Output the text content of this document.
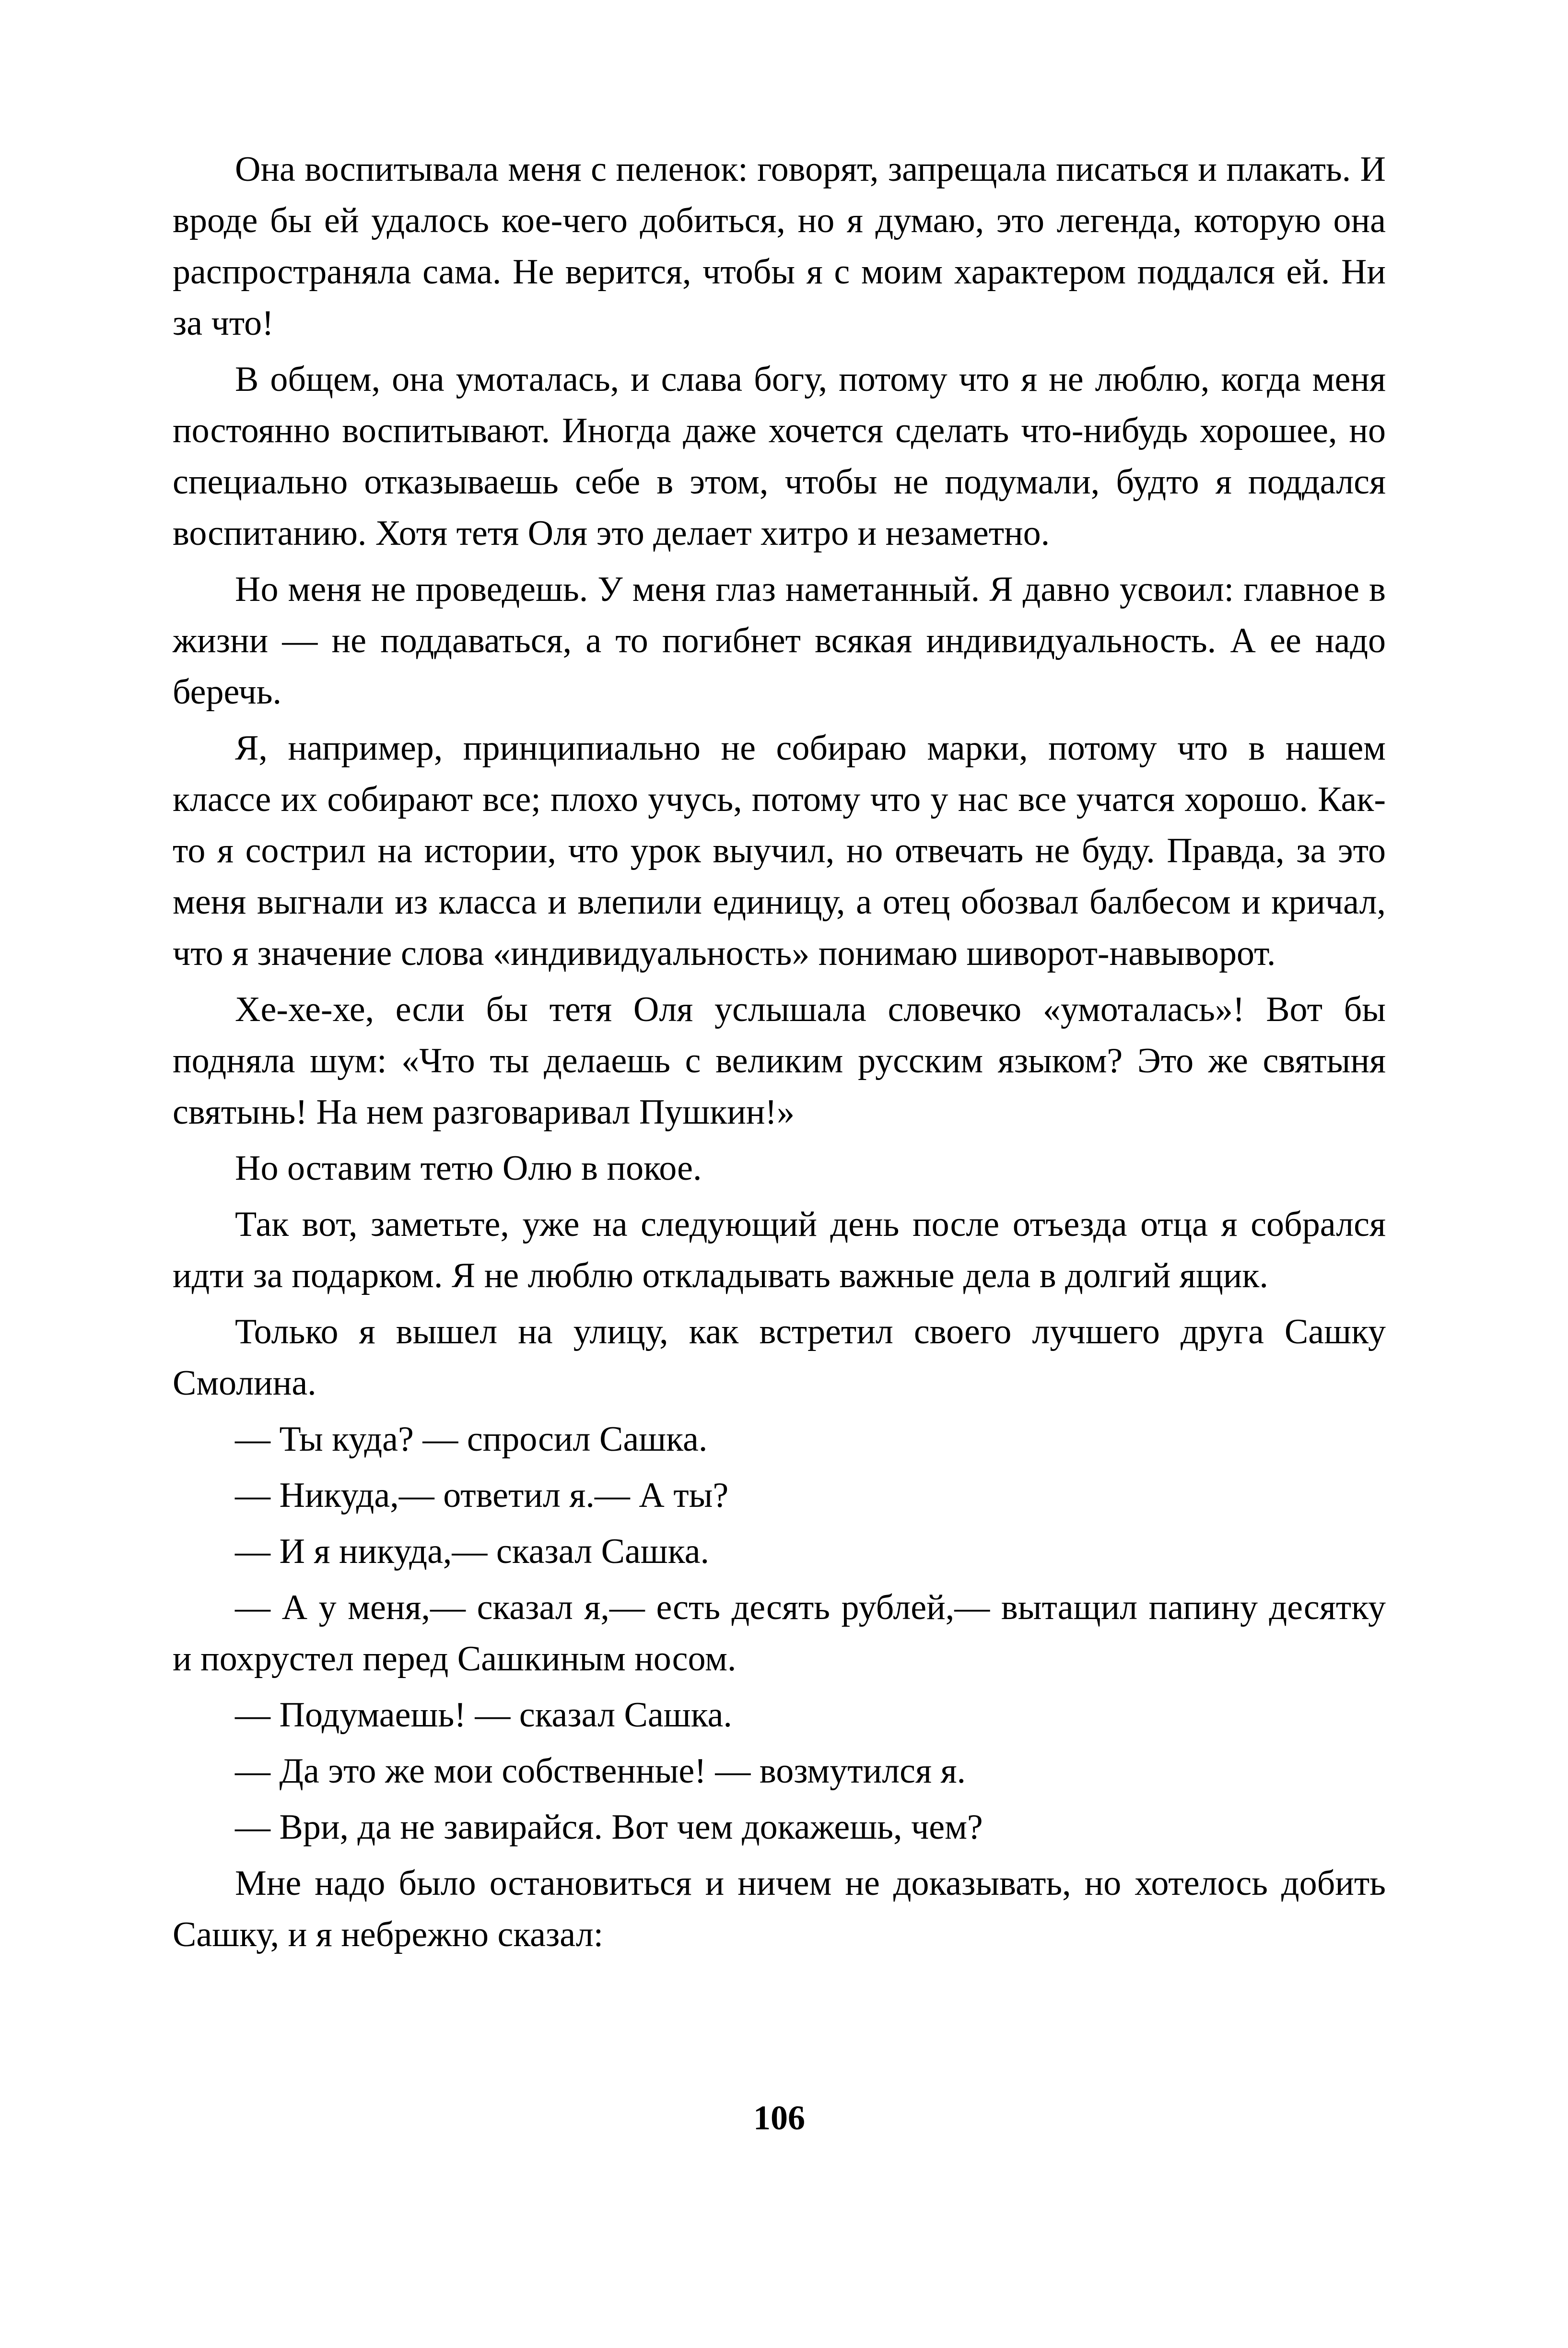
Она воспитывала меня с пеленок: говорят, запрещала писаться и плакать. И вроде бы ей удалось кое-чего добиться, но я думаю, это легенда, которую она распространяла сама. Не верится, чтобы я с моим характером поддался ей. Ни за что!

В общем, она умоталась, и слава богу, потому что я не люблю, когда меня постоянно воспитывают. Иногда даже хочется сделать что-нибудь хорошее, но специально отказываешь себе в этом, чтобы не подумали, будто я поддался воспитанию. Хотя тетя Оля это делает хитро и незаметно.

Но меня не проведешь. У меня глаз наметанный. Я давно усвоил: главное в жизни — не поддаваться, а то погибнет всякая индивидуальность. А ее надо беречь.

Я, например, принципиально не собираю марки, потому что в нашем классе их собирают все; плохо учусь, потому что у нас все учатся хорошо. Как-то я сострил на истории, что урок выучил, но отвечать не буду. Правда, за это меня выгнали из класса и влепили единицу, а отец обозвал балбесом и кричал, что я значение слова «индивидуальность» понимаю шиворот-навыворот.

Хе-хе-хе, если бы тетя Оля услышала словечко «умоталась»! Вот бы подняла шум: «Что ты делаешь с великим русским языком? Это же святыня святынь! На нем разговаривал Пушкин!»

Но оставим тетю Олю в покое.

Так вот, заметьте, уже на следующий день после отъезда отца я собрался идти за подарком. Я не люблю откладывать важные дела в долгий ящик.

Только я вышел на улицу, как встретил своего лучшего друга Сашку Смолина.

— Ты куда? — спросил Сашка.

— Никуда,— ответил я.— А ты?

— И я никуда,— сказал Сашка.

— А у меня,— сказал я,— есть десять рублей,— вытащил папину десятку и похрустел перед Сашкиным носом.

— Подумаешь! — сказал Сашка.

— Да это же мои собственные! — возмутился я.

— Ври, да не завирайся. Вот чем докажешь, чем?

Мне надо было остановиться и ничем не доказывать, но хотелось добить Сашку, и я небрежно сказал:

106
